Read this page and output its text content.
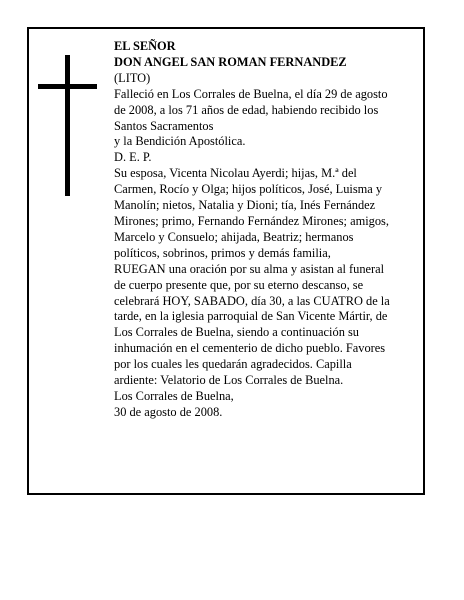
EL SEÑOR
DON ANGEL SAN ROMAN FERNANDEZ
(LITO)
Falleció en Los Corrales de Buelna, el día 29 de agosto
de 2008, a los 71 años de edad, habiendo recibido los
Santos Sacramentos
y la Bendición Apostólica.
D. E. P.
Su esposa, Vicenta Nicolau Ayerdi; hijas, M.ª del
Carmen, Rocío y Olga; hijos políticos, José, Luisma y
Manolín; nietos, Natalia y Dioni; tía, Inés Fernández
Mirones; primo, Fernando Fernández Mirones; amigos,
Marcelo y Consuelo; ahijada, Beatriz; hermanos
políticos, sobrinos, primos y demás familia,
RUEGAN una oración por su alma y asistan al funeral
de cuerpo presente que, por su eterno descanso, se
celebrará HOY, SABADO, día 30, a las CUATRO de la
tarde, en la iglesia parroquial de San Vicente Mártir, de
Los Corrales de Buelna, siendo a continuación su
inhumación en el cementerio de dicho pueblo. Favores
por los cuales les quedarán agradecidos. Capilla
ardiente: Velatorio de Los Corrales de Buelna.
Los Corrales de Buelna,
30 de agosto de 2008.
